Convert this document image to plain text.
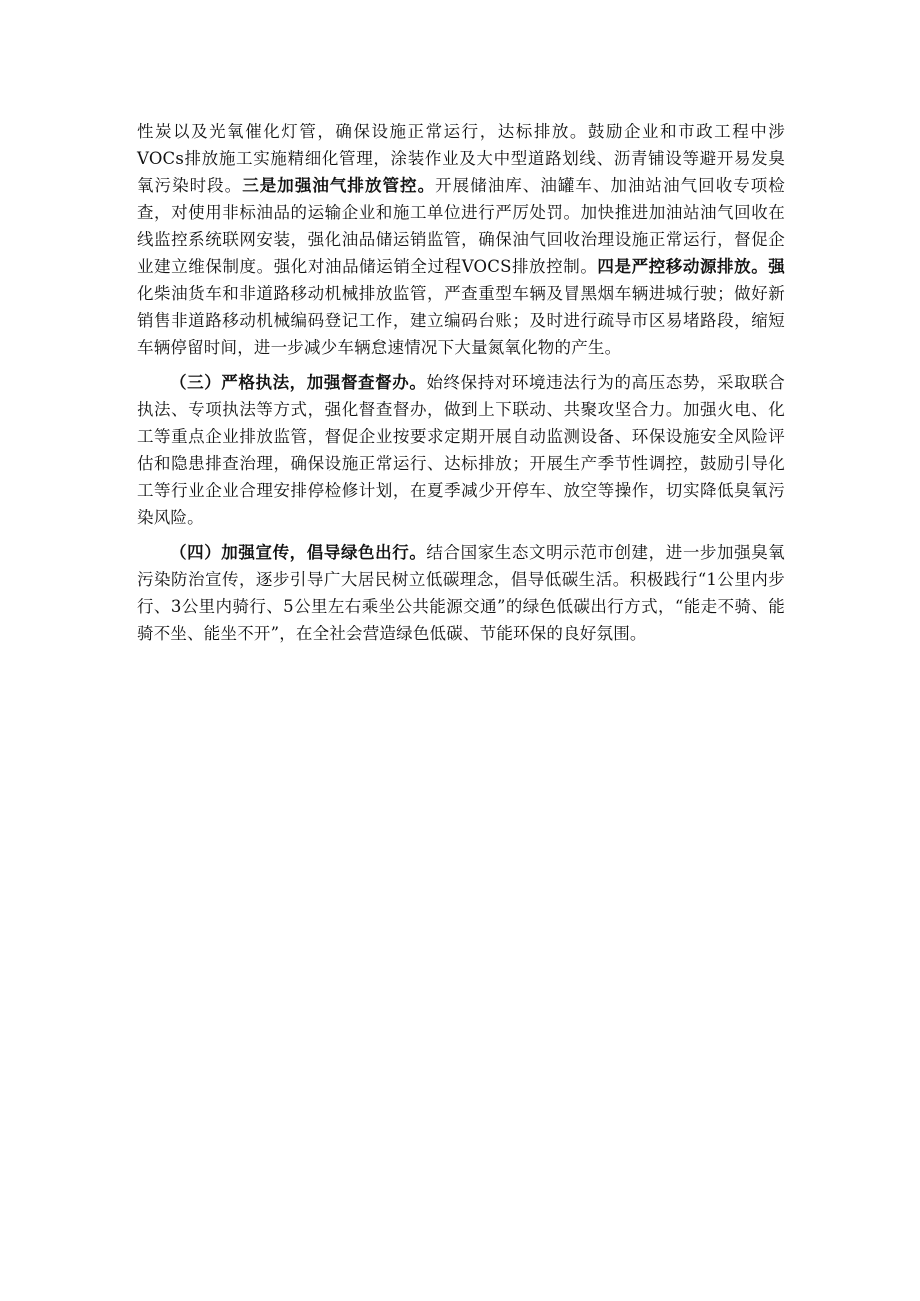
性炭以及光氧催化灯管，确保设施正常运行，达标排放。鼓励企业和市政工程中涉VOCs排放施工实施精细化管理，涂装作业及大中型道路划线、沥青铺设等避开易发臭氧污染时段。三是加强油气排放管控。开展储油库、油罐车、加油站油气回收专项检查，对使用非标油品的运输企业和施工单位进行严厉处罚。加快推进加油站油气回收在线监控系统联网安装，强化油品储运销监管，确保油气回收治理设施正常运行，督促企业建立维保制度。强化对油品储运销全过程VOCS排放控制。四是严控移动源排放。强化柴油货车和非道路移动机械排放监管，严查重型车辆及冒黑烟车辆进城行驶；做好新销售非道路移动机械编码登记工作，建立编码台账；及时进行疏导市区易堵路段，缩短车辆停留时间，进一步减少车辆怠速情况下大量氮氧化物的产生。

（三）严格执法，加强督查督办。始终保持对环境违法行为的高压态势，采取联合执法、专项执法等方式，强化督查督办，做到上下联动、共聚攻坚合力。加强火电、化工等重点企业排放监管，督促企业按要求定期开展自动监测设备、环保设施安全风险评估和隐患排查治理，确保设施正常运行、达标排放；开展生产季节性调控，鼓励引导化工等行业企业合理安排停检修计划，在夏季减少开停车、放空等操作，切实降低臭氧污染风险。

（四）加强宣传，倡导绿色出行。结合国家生态文明示范市创建，进一步加强臭氧污染防治宣传，逐步引导广大居民树立低碳理念，倡导低碳生活。积极践行“1公里内步行、3公里内骑行、5公里左右乘坐公共能源交通”的绿色低碳出行方式，“能走不骑、能骑不坐、能坐不开”，在全社会营造绿色低碳、节能环保的良好氛围。
